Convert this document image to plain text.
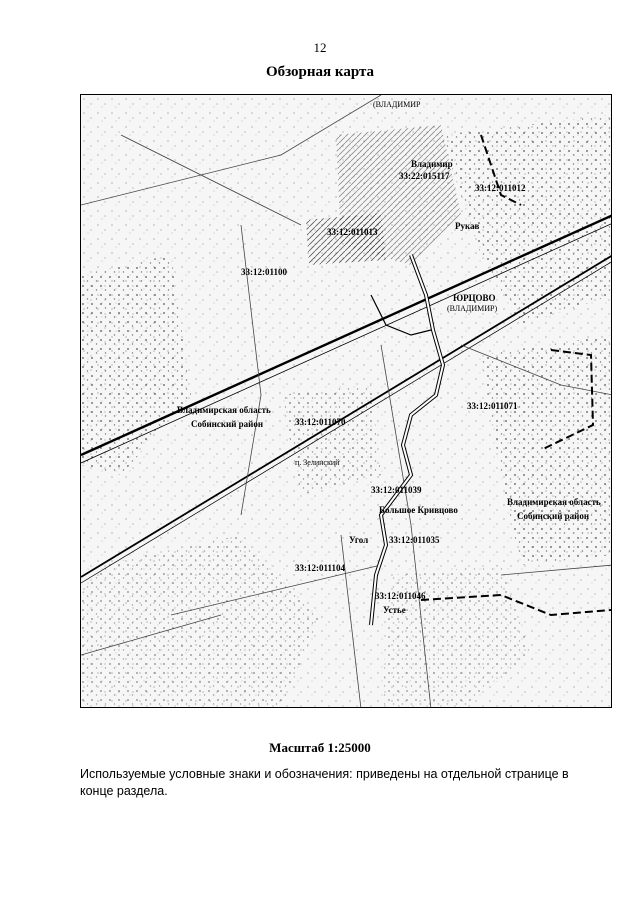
12
Обзорная карта
(ВЛАДИМИР
Владимир
33:22:015117
33:12:011012
Рукав
33:12:011013
33:12:01100
ЮРЦОВО
(ВЛАДИМИР)
Владимирская область
Собинский район	33:12:011070
33:12:011071
п. Зелинский
33:12:011039
Большое Кривцово
Владимирская область
Собинский район
Угол 33:12:011035
33:12:011104
33:12:011046
Устье
Масштаб 1:25000
Используемые условные знаки и обозначения: приведены на отдельной странице в конце раздела.
